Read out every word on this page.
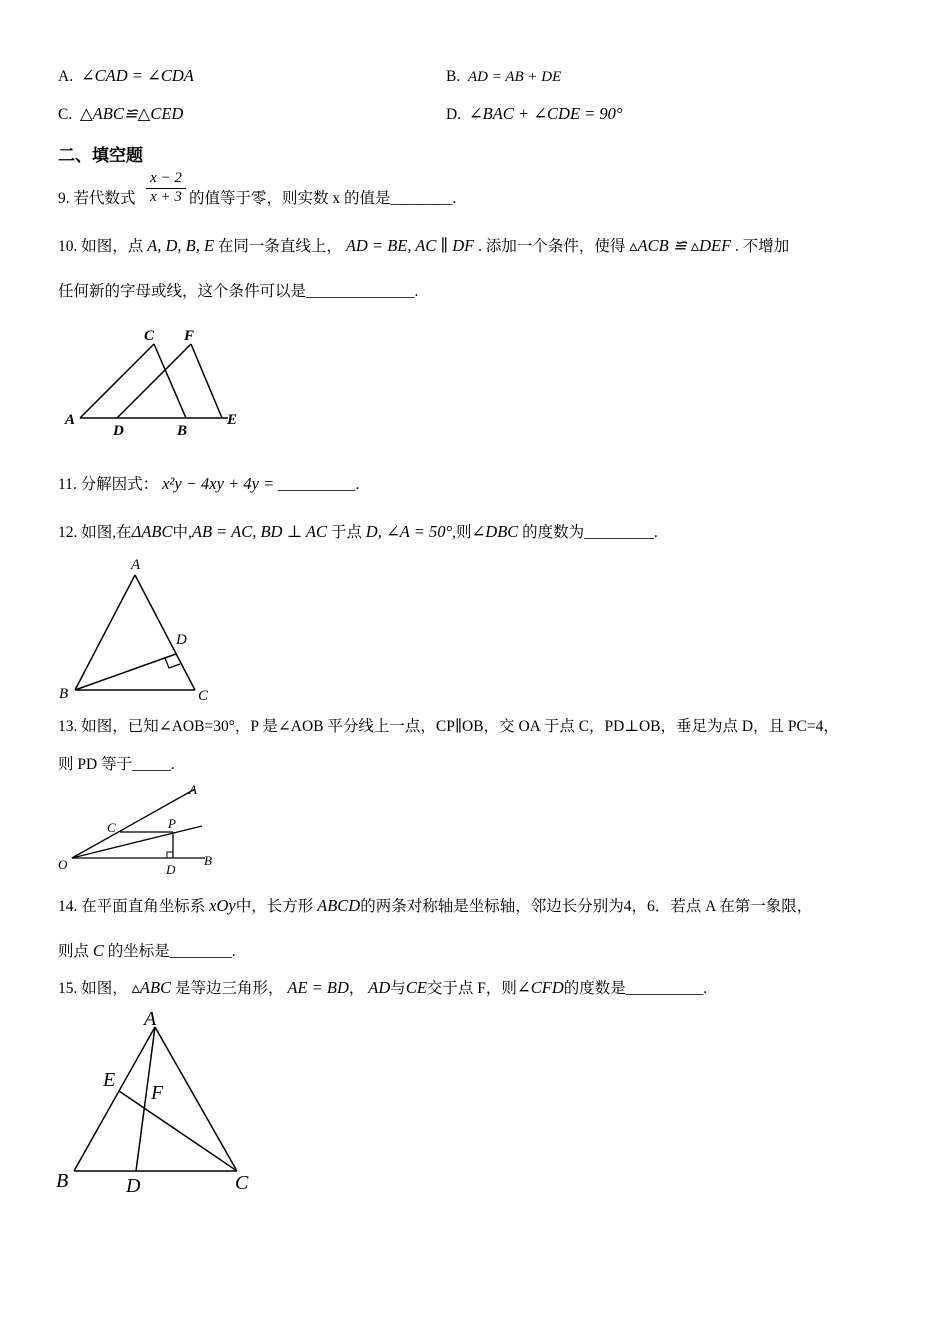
A. ∠CAD = ∠CDA	B. AD = AB + DE
C. △ABC≌△CED	D. ∠BAC + ∠CDE = 90°
二、填空题
9. 若代数式 $\frac{x - 2}{x + 3}$ 的值等于零，则实数 x 的值是________.
10. 如图，点 A, D, B, E 在同一条直线上， AD = BE, AC ∥ DF . 添加一个条件，使得 ▵ACB ≌ ▵DEF . 不增加
任何新的字母或线，这个条件可以是______________.
A
C F
D	B
E
11. 分解因式： x²y − 4xy + 4y = __________.
12. 如图,在ΔABC中,AB = AC, BD ⊥ AC 于点 D, ∠A = 50°,则∠DBC 的度数为_________.
A
B	C
D
13. 如图，已知∠AOB=30°，P 是∠AOB 平分线上一点，CP∥OB，交 OA 于点 C，PD⊥OB，垂足为点 D，且 PC=4，
则 PD 等于_____.
A
C	P
O	D
B
14. 在平面直角坐标系 xOy中，长方形 ABCD的两条对称轴是坐标轴，邻边长分别为4，6．若点 A 在第一象限，
则点 C 的坐标是________.
15. 如图， ▵ABC 是等边三角形， AE = BD， AD与CE交于点 F，则∠CFD的度数是__________.
A
E
F
B	D	C
